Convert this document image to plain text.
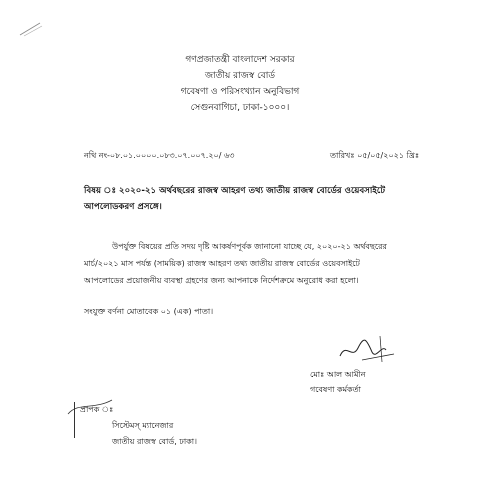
গণপ্রজাতন্ত্রী বাংলাদেশ সরকার
জাতীয় রাজস্ব বোর্ড
গবেষণা ও পরিসংখ্যান অনুবিভাগ
সেগুনবাগিচা, ঢাকা-১০০০।
নথি নং-০৮.০১.০০০০.০৮৩.০৭.০০৭.২০/ ৬৩	তারিখঃ ০৫/০৫/২০২১ খ্রিঃ
বিষয় ঃ ২০২০-২১ অর্থবছরের রাজস্ব আহরণ তথ্য জাতীয় রাজস্ব বোর্ডের ওয়েবসাইটে
আপলোডকরণ প্রসঙ্গে।
উপর্যুক্ত বিষয়ের প্রতি সদয় দৃষ্টি আকর্ষণপূর্বক জানানো যাচ্ছে যে, ২০২০-২১ অর্থবছরের
মার্চ/২০২১ মাস পর্যন্ত (সাময়িক) রাজস্ব আহরণ তথ্য জাতীয় রাজস্ব বোর্ডের ওয়েবসাইটে
আপলোডের প্রয়োজনীয় ব্যবস্থা গ্রহণের জন্য আপনাকে নির্দেশক্রমে অনুরোধ করা হলো।
সংযুক্ত বর্ণনা মোতাবেক ০১ (এক) পাতা।
মোঃ আল আমীন
গবেষণা কর্মকর্তা
প্রাপক ঃ
সিস্টেমস্ ম্যানেজার
জাতীয় রাজস্ব বোর্ড, ঢাকা।
